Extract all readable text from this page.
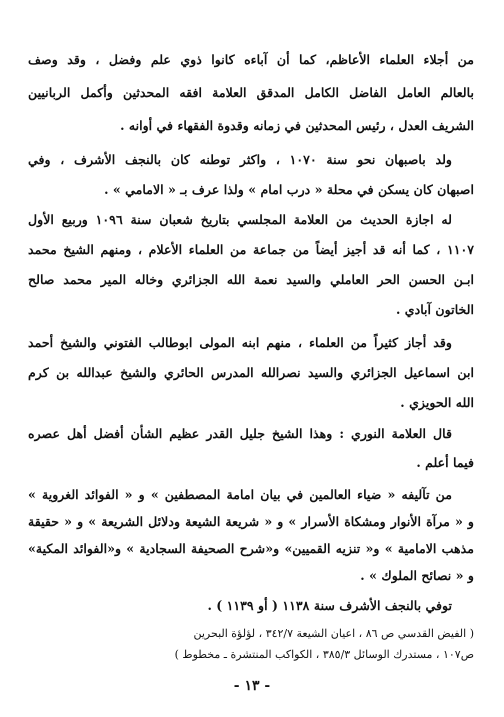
من أجلاء العلماء الأعاظم، كما أن آباءه كانوا ذوي علم وفضل ، وقد وصف
بالعالم العامل الفاضل الكامل المدقق العلامة افقه المحدثين وأكمل الربانيين
الشريف العدل ، رئيس المحدثين في زمانه وقدوة الفقهاء في أوانه .
ولد باصبهان نحو سنة ١٠٧٠ ، واكثر توطنه كان بالنجف الأشرف ، وفي
اصبهان كان يسكن في محلة « درب امام » ولذا عرف بـ « الامامي » .
له اجازة الحديث من العلامة المجلسي بتاريخ شعبان سنة ١٠٩٦ وربيع الأول
١١٠٧ ، كما أنه قد أجيز أيضاً من جماعة من العلماء الأعلام ، ومنهم الشيخ محمد
ابـن الحسن الحر العاملي والسيد نعمة الله الجزائري وخاله المير محمد صالح
الخاتون آبادي .
وقد أجاز كثيراً من العلماء ، منهم ابنه المولى ابوطالب الفتوني والشيخ أحمد
ابن اسماعيل الجزائري والسيد نصرالله المدرس الحائري والشيخ عبدالله بن كرم
الله الحويزي .
قال العلامة النوري : وهذا الشيخ جليل القدر عظيم الشأن أفضل أهل عصره
فيما أعلم .
من تآليفه « ضياء العالمين في بيان امامة المصطفين » و « الفوائد الغروية »
و « مرآة الأنوار ومشكاة الأسرار » و « شريعة الشيعة ودلائل الشريعة » و « حقيقة
مذهب الامامية » و« تنزيه القميين» و«شرح الصحيفة السجادية » و«الفوائد المكية»
و « نصائح الملوك » .
توفي بالنجف الأشرف سنة ١١٣٨ ( أو ١١٣٩ ) .
( الفيض القدسي ص ٨٦ ، اعيان الشيعة ٣٤٢/٧ ، لؤلؤة البحرين
ص١٠٧ ، مستدرك الوسائل ٣٨٥/٣ ، الكواكب المنتشرة ـ مخطوط )
- ١٣ -
